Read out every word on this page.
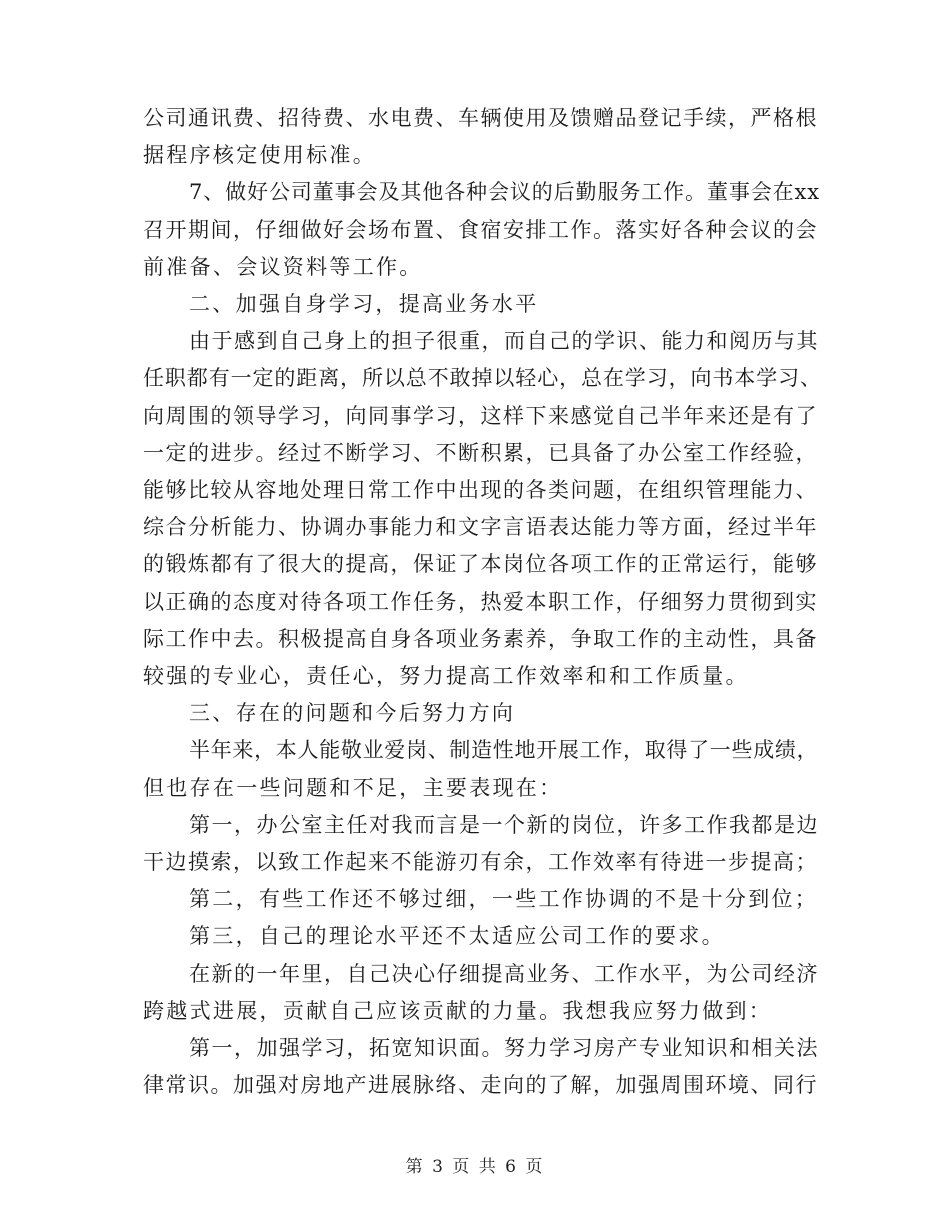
公司通讯费、招待费、水电费、车辆使用及馈赠品登记手续，严格根
据程序核定使用标准。
7、做好公司董事会及其他各种会议的后勤服务工作。董事会在xx
召开期间，仔细做好会场布置、食宿安排工作。落实好各种会议的会
前准备、会议资料等工作。
二、加强自身学习，提高业务水平
由于感到自己身上的担子很重，而自己的学识、能力和阅历与其
任职都有一定的距离，所以总不敢掉以轻心，总在学习，向书本学习、
向周围的领导学习，向同事学习，这样下来感觉自己半年来还是有了
一定的进步。经过不断学习、不断积累，已具备了办公室工作经验，
能够比较从容地处理日常工作中出现的各类问题，在组织管理能力、
综合分析能力、协调办事能力和文字言语表达能力等方面，经过半年
的锻炼都有了很大的提高，保证了本岗位各项工作的正常运行，能够
以正确的态度对待各项工作任务，热爱本职工作，仔细努力贯彻到实
际工作中去。积极提高自身各项业务素养，争取工作的主动性，具备
较强的专业心，责任心，努力提高工作效率和和工作质量。
三、存在的问题和今后努力方向
半年来，本人能敬业爱岗、制造性地开展工作，取得了一些成绩，
但也存在一些问题和不足，主要表现在：
第一，办公室主任对我而言是一个新的岗位，许多工作我都是边
干边摸索，以致工作起来不能游刃有余，工作效率有待进一步提高；
第二，有些工作还不够过细，一些工作协调的不是十分到位；
第三，自己的理论水平还不太适应公司工作的要求。
在新的一年里，自己决心仔细提高业务、工作水平，为公司经济
跨越式进展，贡献自己应该贡献的力量。我想我应努力做到：
第一，加强学习，拓宽知识面。努力学习房产专业知识和相关法
律常识。加强对房地产进展脉络、走向的了解，加强周围环境、同行
第 3 页 共 6 页
